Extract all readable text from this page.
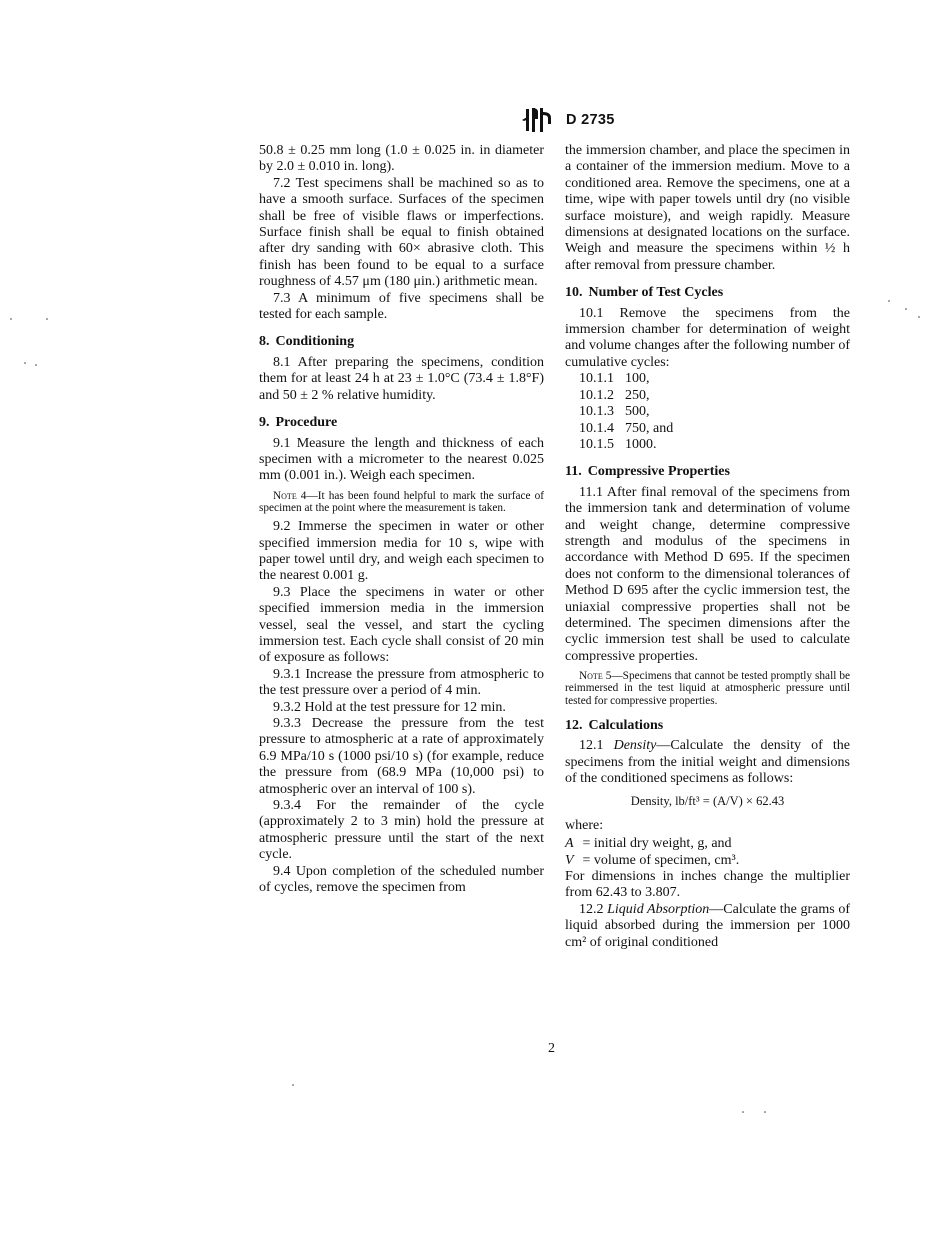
D 2735

50.8 ± 0.25 mm long (1.0 ± 0.025 in. in diameter by 2.0 ± 0.010 in. long).

7.2 Test specimens shall be machined so as to have a smooth surface. Surfaces of the specimen shall be free of visible flaws or imperfections. Surface finish shall be equal to finish obtained after dry sanding with 60× abrasive cloth. This finish has been found to be equal to a surface roughness of 4.57 μm (180 μin.) arithmetic mean.

7.3 A minimum of five specimens shall be tested for each sample.

8. Conditioning

8.1 After preparing the specimens, condition them for at least 24 h at 23 ± 1.0°C (73.4 ± 1.8°F) and 50 ± 2 % relative humidity.

9. Procedure

9.1 Measure the length and thickness of each specimen with a micrometer to the nearest 0.025 mm (0.001 in.). Weigh each specimen.

Note 4—It has been found helpful to mark the surface of specimen at the point where the measurement is taken.

9.2 Immerse the specimen in water or other specified immersion media for 10 s, wipe with paper towel until dry, and weigh each specimen to the nearest 0.001 g.

9.3 Place the specimens in water or other specified immersion media in the immersion vessel, seal the vessel, and start the cycling immersion test. Each cycle shall consist of 20 min of exposure as follows:

9.3.1 Increase the pressure from atmospheric to the test pressure over a period of 4 min.

9.3.2 Hold at the test pressure for 12 min.

9.3.3 Decrease the pressure from the test pressure to atmospheric at a rate of approximately 6.9 MPa/10 s (1000 psi/10 s) (for example, reduce the pressure from (68.9 MPa (10,000 psi) to atmospheric over an interval of 100 s).

9.3.4 For the remainder of the cycle (approximately 2 to 3 min) hold the pressure at atmospheric pressure until the start of the next cycle.

9.4 Upon completion of the scheduled number of cycles, remove the specimen from

the immersion chamber, and place the specimen in a container of the immersion medium. Move to a conditioned area. Remove the specimens, one at a time, wipe with paper towels until dry (no visible surface moisture), and weigh rapidly. Measure dimensions at designated locations on the surface. Weigh and measure the specimens within ½ h after removal from pressure chamber.

10. Number of Test Cycles

10.1 Remove the specimens from the immersion chamber for determination of weight and volume changes after the following number of cumulative cycles:

10.1.1 100,
10.1.2 250,
10.1.3 500,
10.1.4 750, and
10.1.5 1000.
11. Compressive Properties

11.1 After final removal of the specimens from the immersion tank and determination of volume and weight change, determine compressive strength and modulus of the specimens in accordance with Method D 695. If the specimen does not conform to the dimensional tolerances of Method D 695 after the cyclic immersion test, the uniaxial compressive properties shall not be determined. The specimen dimensions after the cyclic immersion test shall be used to calculate compressive properties.

Note 5—Specimens that cannot be tested promptly shall be reimmersed in the test liquid at atmospheric pressure until tested for compressive properties.

12. Calculations

12.1 Density—Calculate the density of the specimens from the initial weight and dimensions of the conditioned specimens as follows:

Density, lb/ft³ = (A/V) × 62.43

where:

A = initial dry weight, g, and
V = volume of specimen, cm³.

For dimensions in inches change the multiplier from 62.43 to 3.807.

12.2 Liquid Absorption—Calculate the grams of liquid absorbed during the immersion per 1000 cm² of original conditioned

2
